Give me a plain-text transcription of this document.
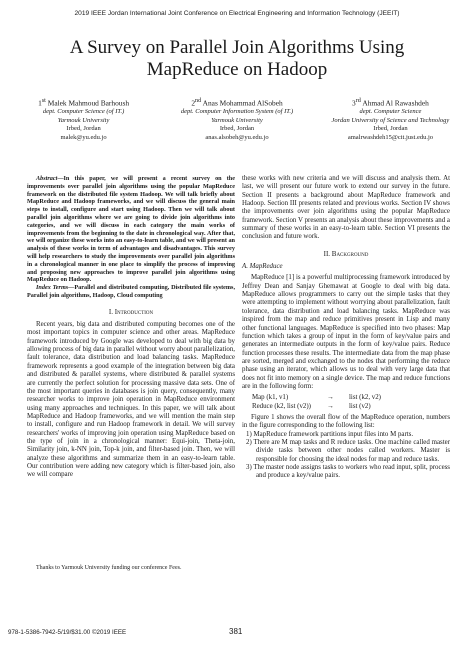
2019 IEEE Jordan International Joint Conference on Electrical Engineering and Information Technology (JEEIT)
A Survey on Parallel Join Algorithms Using
MapReduce on Hadoop
1st Malek Mahmoud Barhoush
dept. Computer Science (of IT.)
Yarmouk University
Irbed, Jordan
malek@yu.edu.jo
2nd Anas Mohammad AlSobeh
dept. Computer Information System (of IT.)
Yarmouk University
Irbed, Jordan
anas.alsobeh@yu.edu.jo
3rd Ahmad Al Rawashdeh
dept. Computer Science
Jordan University of Science and Technology
Irbed, Jordan
amalrwashdeh15@cit.just.edu.jo

Abstract—In this paper, we will present a recent survey on the improvements over parallel join algorithms using the popular MapReduce framework on the distributed file system Hadoop. We will talk briefly about MapReduce and Hadoop frameworks, and we will discuss the general main steps to install, configure and start using Hadoop. Then we will talk about parallel join algorithms where we are going to divide join algorithms into categories, and we will discuss in each category the main works of improvements from the beginning to the date in chronological way. After that, we will organize these works into an easy-to-learn table, and we will present an analysis of these works in term of advantages and disadvantages. This survey will help researchers to study the improvements over parallel join algorithms in a chronological manner in one place to simplify the process of improving and proposing new approaches to improve parallel join algorithms using MapReduce on Hadoop.

Index Terms—Parallel and distributed computing, Distributed file systems, Parallel join algorithms, Hadoop, Cloud computing

I. Introduction

Recent years, big data and distributed computing becomes one of the most important topics in computer science and other areas. MapReduce framework introduced by Google was developed to deal with big data by allowing process of big data in parallel without worry about parallelization, fault tolerance, data distribution and load balancing tasks. MapReduce framework represents a good example of the integration between big data and distributed & parallel systems, where distributed & parallel systems are currently the perfect solution for processing massive data sets. One of the most important queries in databases is join query, consequently, many researcher works to improve join operation in MapReduce environment using many approaches and techniques. In this paper, we will talk about MapReduce and Hadoop frameworks, and we will mention the main step to install, configure and run Hadoop framework in detail. We will survey researchers' works of improving join operation using MapReduce based on the type of join in a chronological manner: Equi-join, Theta-join, Similarity join, k-NN join, Top-k join, and filter-based join. Then, we will analyze these algorithms and summarize them in an easy-to-learn table. Our contribution were adding new category which is filter-based join, also we will compare

Thanks to Yarmouk University funding our conference Fees.

these works with new criteria and we will discuss and analysis them. At last, we will present our future work to extend our survey in the future. Section II presents a background about MapReduce framework and Hadoop. Section III presents related and previous works. Section IV shows the improvements over join algorithms using the popular MapReduce framework. Section V presents an analysis about these improvements and a summary of these works in an easy-to-learn table. Section VI presents the conclusion and future work.

II. Background
A. MapReduce

MapReduce [1] is a powerful multiprocessing framework introduced by Jeffrey Dean and Sanjay Ghemawat at Google to deal with big data. MapReduce allows programmers to carry out the simple tasks that they were attempting to implement without worrying about parallelization, fault tolerance, data distribution and load balancing tasks. MapReduce was inspired from the map and reduce primitives present in Lisp and many other functional languages. MapReduce is specified into two phases: Map function which takes a group of input in the form of key/value pairs and generates an intermediate outputs in the form of key/value pairs. Reduce function processes these results. The intermediate data from the map phase are sorted, merged and exchanged to the nodes that performing the reduce phase using an iterator, which allows us to deal with very large data that does not fit into memory on a single device. The map and reduce functions are in the following form:

Map (k1, v1)	→	list (k2, v2)
Reduce (k2, list (v2))	→	list (v2)

Figure 1 shows the overall flow of the MapReduce operation, numbers in the figure corresponding to the following list:

1) MapReduce framework partitions input files into M parts.
2) There are M map tasks and R reduce tasks. One machine called master divide tasks between other nodes called workers. Master is responsible for choosing the ideal nodes for map and reduce tasks.
3) The master node assigns tasks to workers who read input, split, process and produce a key/value pairs.
978-1-5386-7942-5/19/$31.00 ©2019 IEEE	381
